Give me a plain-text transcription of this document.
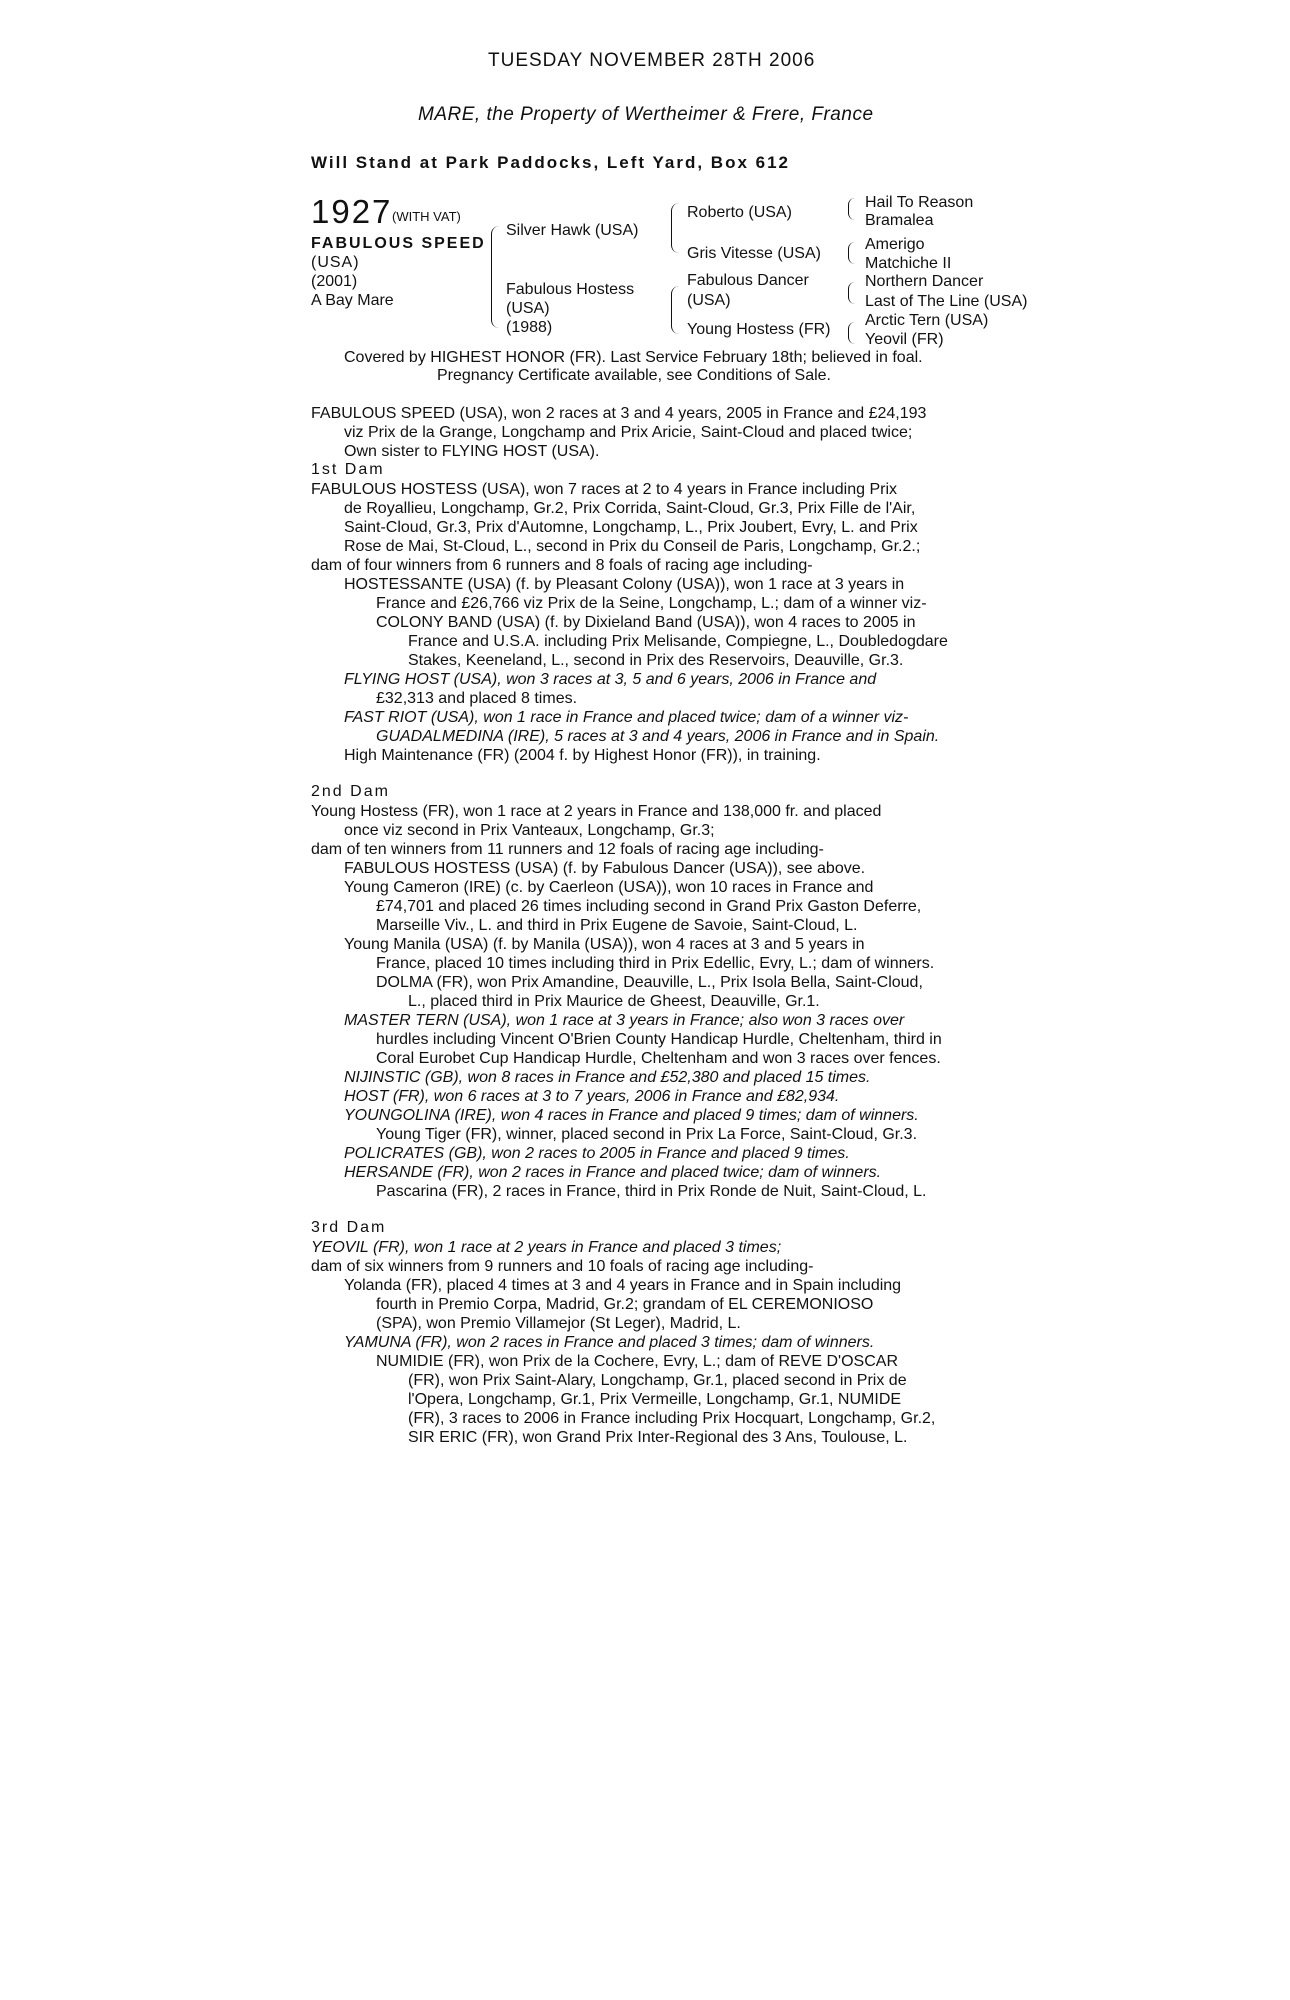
TUESDAY NOVEMBER 28TH 2006
MARE, the Property of Wertheimer & Frere, France
Will Stand at Park Paddocks, Left Yard, Box 612
1927 (WITH VAT)
FABULOUS SPEED
(USA)
(2001)
A Bay Mare
Silver Hawk (USA)
Fabulous Hostess
(USA)
(1988)
Roberto (USA)
Gris Vitesse (USA)
Fabulous Dancer
(USA)
Young Hostess (FR)
Hail To Reason
Bramalea
Amerigo
Matchiche II
Northern Dancer
Last of The Line (USA)
Arctic Tern (USA)
Yeovil (FR)
Covered by HIGHEST HONOR (FR). Last Service February 18th; believed in foal.
Pregnancy Certificate available, see Conditions of Sale.
FABULOUS SPEED (USA), won 2 races at 3 and 4 years, 2005 in France and £24,193
viz Prix de la Grange, Longchamp and Prix Aricie, Saint-Cloud and placed twice;
Own sister to FLYING HOST (USA).
1st Dam
FABULOUS HOSTESS (USA), won 7 races at 2 to 4 years in France including Prix
de Royallieu, Longchamp, Gr.2, Prix Corrida, Saint-Cloud, Gr.3, Prix Fille de l'Air,
Saint-Cloud, Gr.3, Prix d'Automne, Longchamp, L., Prix Joubert, Evry, L. and Prix
Rose de Mai, St-Cloud, L., second in Prix du Conseil de Paris, Longchamp, Gr.2.;
dam of four winners from 6 runners and 8 foals of racing age including-
HOSTESSANTE (USA) (f. by Pleasant Colony (USA)), won 1 race at 3 years in
France and £26,766 viz Prix de la Seine, Longchamp, L.; dam of a winner viz-
COLONY BAND (USA) (f. by Dixieland Band (USA)), won 4 races to 2005 in
France and U.S.A. including Prix Melisande, Compiegne, L., Doubledogdare
Stakes, Keeneland, L., second in Prix des Reservoirs, Deauville, Gr.3.
FLYING HOST (USA), won 3 races at 3, 5 and 6 years, 2006 in France and
£32,313 and placed 8 times.
FAST RIOT (USA), won 1 race in France and placed twice; dam of a winner viz-
GUADALMEDINA (IRE), 5 races at 3 and 4 years, 2006 in France and in Spain.
High Maintenance (FR) (2004 f. by Highest Honor (FR)), in training.
2nd Dam
Young Hostess (FR), won 1 race at 2 years in France and 138,000 fr. and placed
once viz second in Prix Vanteaux, Longchamp, Gr.3;
dam of ten winners from 11 runners and 12 foals of racing age including-
FABULOUS HOSTESS (USA) (f. by Fabulous Dancer (USA)), see above.
Young Cameron (IRE) (c. by Caerleon (USA)), won 10 races in France and
£74,701 and placed 26 times including second in Grand Prix Gaston Deferre,
Marseille Viv., L. and third in Prix Eugene de Savoie, Saint-Cloud, L.
Young Manila (USA) (f. by Manila (USA)), won 4 races at 3 and 5 years in
France, placed 10 times including third in Prix Edellic, Evry, L.; dam of winners.
DOLMA (FR), won Prix Amandine, Deauville, L., Prix Isola Bella, Saint-Cloud,
L., placed third in Prix Maurice de Gheest, Deauville, Gr.1.
MASTER TERN (USA), won 1 race at 3 years in France; also won 3 races over
hurdles including Vincent O'Brien County Handicap Hurdle, Cheltenham, third in
Coral Eurobet Cup Handicap Hurdle, Cheltenham and won 3 races over fences.
NIJINSTIC (GB), won 8 races in France and £52,380 and placed 15 times.
HOST (FR), won 6 races at 3 to 7 years, 2006 in France and £82,934.
YOUNGOLINA (IRE), won 4 races in France and placed 9 times; dam of winners.
Young Tiger (FR), winner, placed second in Prix La Force, Saint-Cloud, Gr.3.
POLICRATES (GB), won 2 races to 2005 in France and placed 9 times.
HERSANDE (FR), won 2 races in France and placed twice; dam of winners.
Pascarina (FR), 2 races in France, third in Prix Ronde de Nuit, Saint-Cloud, L.
3rd Dam
YEOVIL (FR), won 1 race at 2 years in France and placed 3 times;
dam of six winners from 9 runners and 10 foals of racing age including-
Yolanda (FR), placed 4 times at 3 and 4 years in France and in Spain including
fourth in Premio Corpa, Madrid, Gr.2; grandam of EL CEREMONIOSO
(SPA), won Premio Villamejor (St Leger), Madrid, L.
YAMUNA (FR), won 2 races in France and placed 3 times; dam of winners.
NUMIDIE (FR), won Prix de la Cochere, Evry, L.; dam of REVE D'OSCAR
(FR), won Prix Saint-Alary, Longchamp, Gr.1, placed second in Prix de
l'Opera, Longchamp, Gr.1, Prix Vermeille, Longchamp, Gr.1, NUMIDE
(FR), 3 races to 2006 in France including Prix Hocquart, Longchamp, Gr.2,
SIR ERIC (FR), won Grand Prix Inter-Regional des 3 Ans, Toulouse, L.
